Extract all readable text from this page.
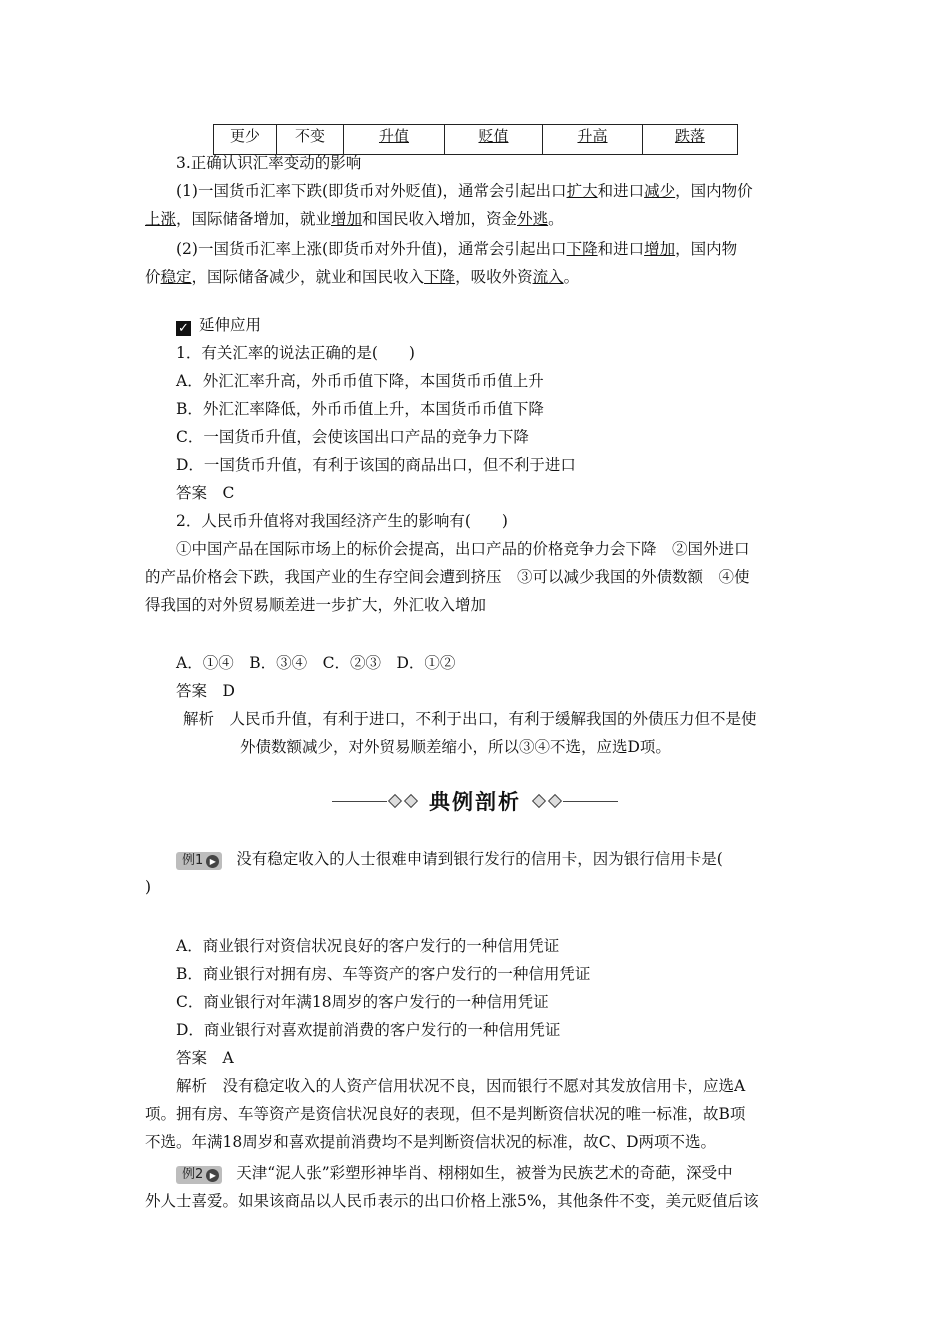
更少	不变	升值	贬值	升高	跌落
3.正确认识汇率变动的影响
(1)一国货币汇率下跌(即货币对外贬值)，通常会引起出口扩大和进口减少，国内物价
上涨，国际储备增加，就业增加和国民收入增加，资金外逃。
(2)一国货币汇率上涨(即货币对外升值)，通常会引起出口下降和进口增加，国内物
价稳定，国际储备减少，就业和国民收入下降，吸收外资流入。
✓ 延伸应用
1．有关汇率的说法正确的是(　　)
A．外汇汇率升高，外币币值下降，本国货币币值上升
B．外汇汇率降低，外币币值上升，本国货币币值下降
C．一国货币升值，会使该国出口产品的竞争力下降
D．一国货币升值，有利于该国的商品出口，但不利于进口
答案　C
2．人民币升值将对我国经济产生的影响有(　　)
①中国产品在国际市场上的标价会提高，出口产品的价格竞争力会下降　②国外进口
的产品价格会下跌，我国产业的生存空间会遭到挤压　③可以减少我国的外债数额　④使
得我国的对外贸易顺差进一步扩大，外汇收入增加
A．①④　B．③④　C．②③　D．①②
答案　D
解析　人民币升值，有利于进口，不利于出口，有利于缓解我国的外债压力但不是使
外债数额减少，对外贸易顺差缩小，所以③④不选，应选D项。
典例剖析
例1 ▶ 没有稳定收入的人士很难申请到银行发行的信用卡，因为银行信用卡是(
)
A．商业银行对资信状况良好的客户发行的一种信用凭证
B．商业银行对拥有房、车等资产的客户发行的一种信用凭证
C．商业银行对年满18周岁的客户发行的一种信用凭证
D．商业银行对喜欢提前消费的客户发行的一种信用凭证
答案　A
解析　没有稳定收入的人资产信用状况不良，因而银行不愿对其发放信用卡，应选A
项。拥有房、车等资产是资信状况良好的表现，但不是判断资信状况的唯一标准，故B项
不选。年满18周岁和喜欢提前消费均不是判断资信状况的标准，故C、D两项不选。
例2 ▶ 天津“泥人张”彩塑形神毕肖、栩栩如生，被誉为民族艺术的奇葩，深受中
外人士喜爱。如果该商品以人民币表示的出口价格上涨5%，其他条件不变，美元贬值后该
